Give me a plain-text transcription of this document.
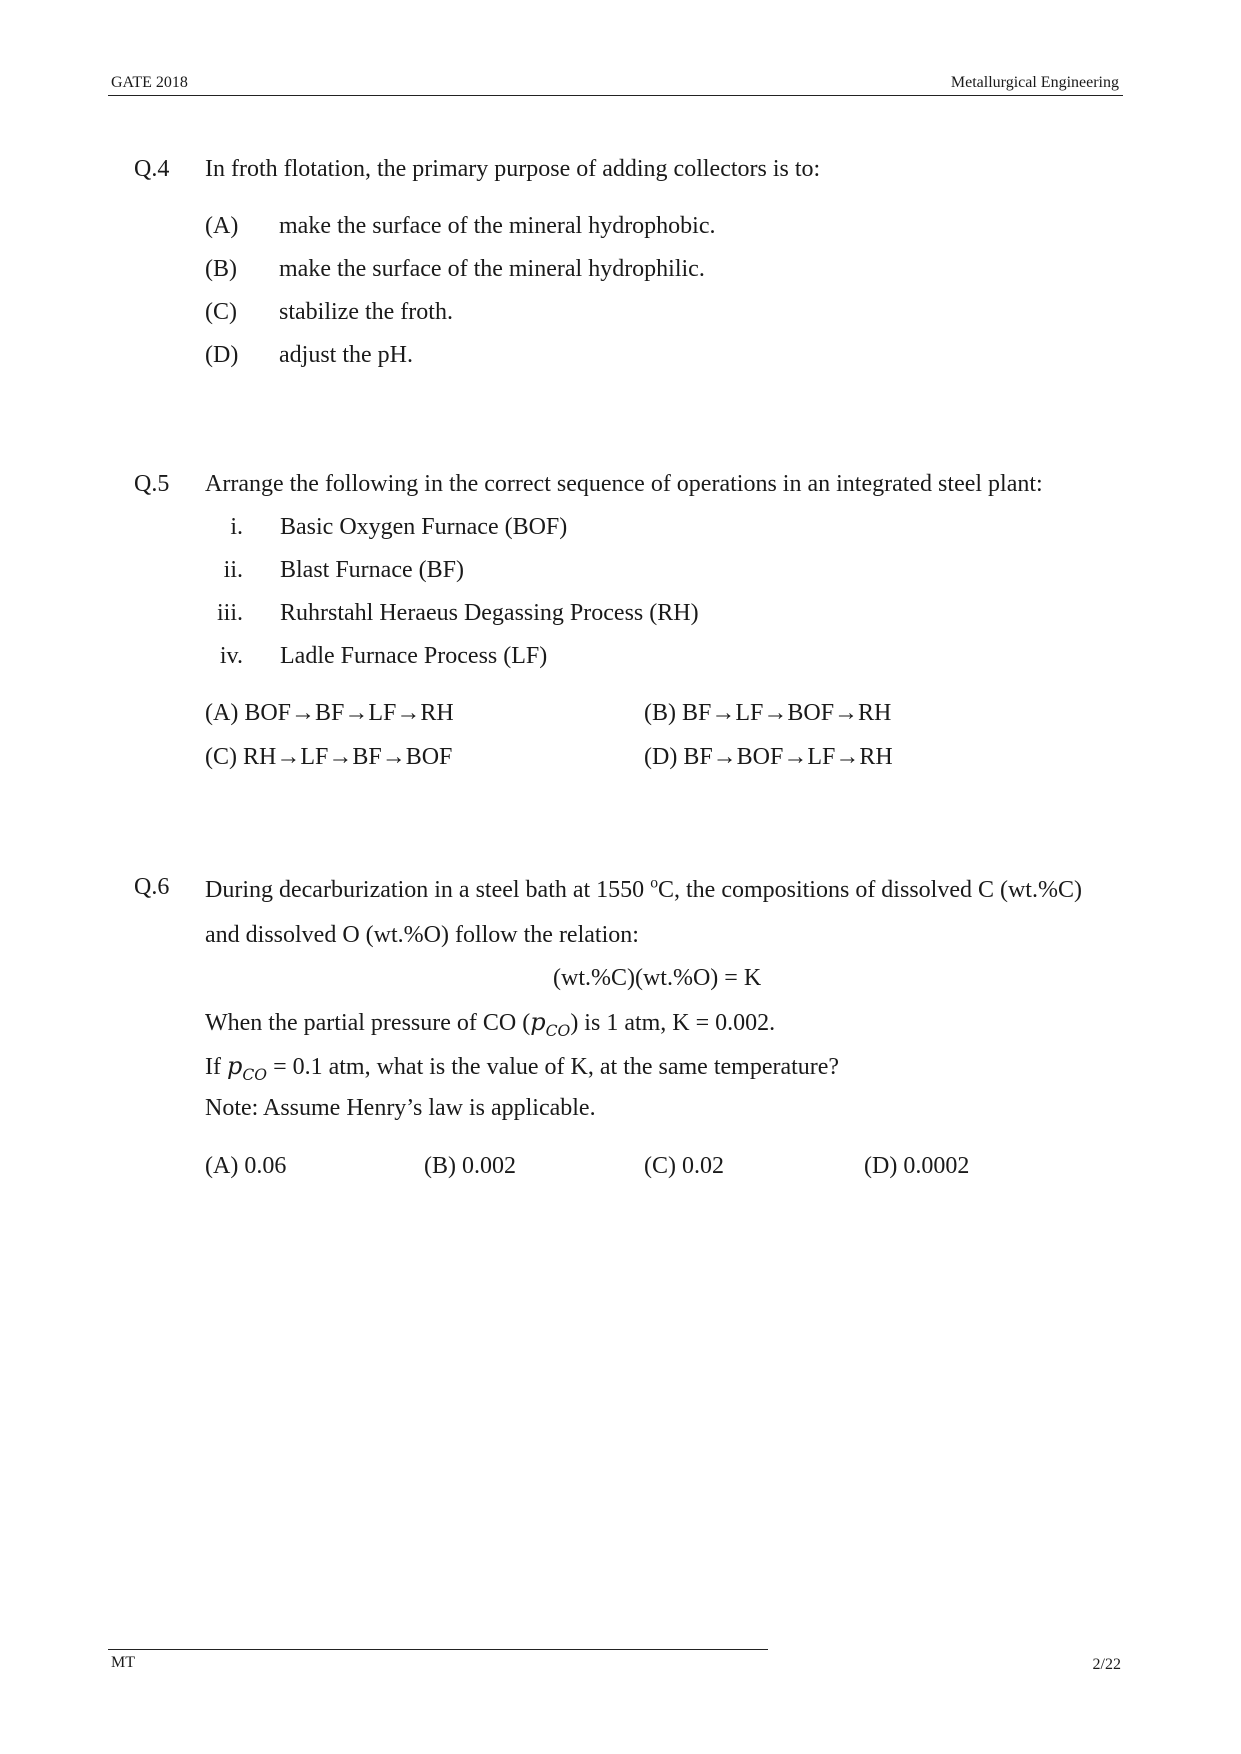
GATE 2018	Metallurgical Engineering
Q.4 In froth flotation, the primary purpose of adding collectors is to:
(A) make the surface of the mineral hydrophobic.
(B) make the surface of the mineral hydrophilic.
(C) stabilize the froth.
(D) adjust the pH.
Q.5 Arrange the following in the correct sequence of operations in an integrated steel plant:
i. Basic Oxygen Furnace (BOF)
ii. Blast Furnace (BF)
iii. Ruhrstahl Heraeus Degassing Process (RH)
iv. Ladle Furnace Process (LF)
(A) BOF→BF→LF→RH	(B) BF→LF→BOF→RH
(C) RH→LF→BF→BOF	(D) BF→BOF→LF→RH
Q.6 During decarburization in a steel bath at 1550 $^o$C, the compositions of dissolved C (wt.%C)
and dissolved O (wt.%O) follow the relation:
(wt.%C)(wt.%O) = K
When the partial pressure of CO $(p_{CO})$ is 1 atm, K = 0.002.
If $p_{CO} = 0.1$ atm, what is the value of K, at the same temperature?
Note: Assume Henry’s law is applicable.
(A) 0.06	(B) 0.002	(C) 0.02	(D) 0.0002
MT	2/22
